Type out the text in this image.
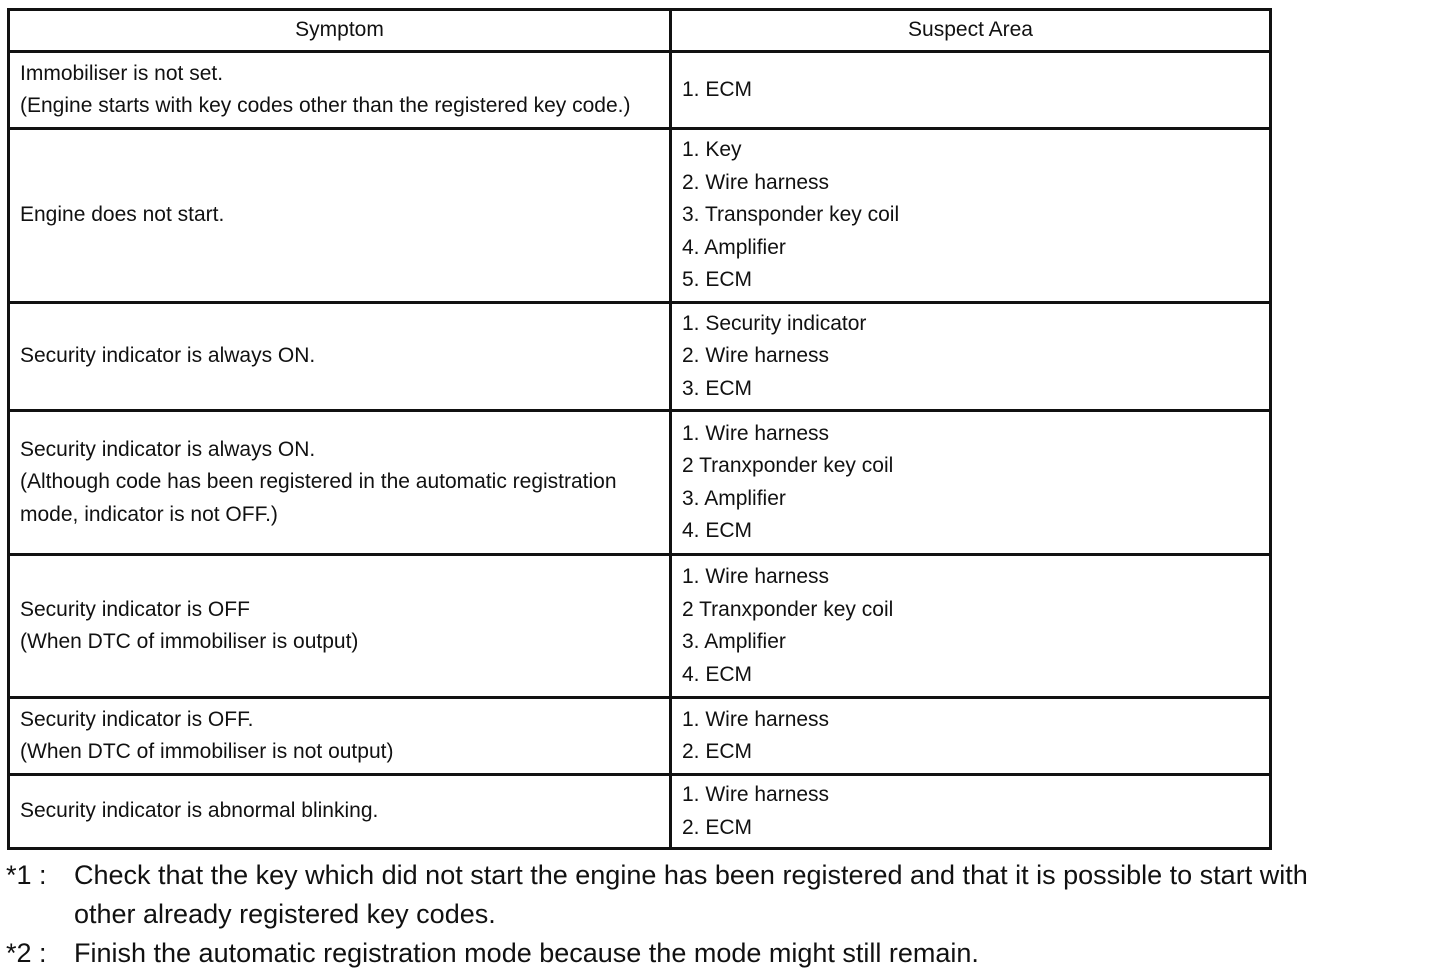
Symptom	Suspect Area

Immobiliser is not set.
(Engine starts with key codes other than the registered key code.)	1. ECM

Engine does not start.	1. Key
2. Wire harness
3. Transponder key coil
4. Amplifier
5. ECM

Security indicator is always ON.	1. Security indicator
2. Wire harness
3. ECM

Security indicator is always ON.
(Although code has been registered in the automatic registration
mode, indicator is not OFF.)	1. Wire harness
2 Tranxponder key coil
3. Amplifier
4. ECM

Security indicator is OFF
(When DTC of immobiliser is output)	1. Wire harness
2 Tranxponder key coil
3. Amplifier
4. ECM

Security indicator is OFF.
(When DTC of immobiliser is not output)	1. Wire harness
2. ECM

Security indicator is abnormal blinking.	1. Wire harness
2. ECM
*1 : Check that the key which did not start the engine has been registered and that it is possible to start with
other already registered key codes.
*2 : Finish the automatic registration mode because the mode might still remain.
